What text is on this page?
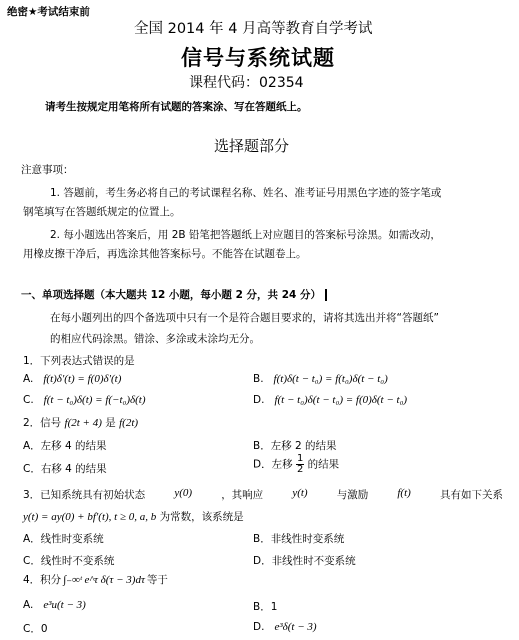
绝密★考试结束前
全国 2014 年 4 月高等教育自学考试
信号与系统试题
课程代码：02354
请考生按规定用笔将所有试题的答案涂、写在答题纸上。
选择题部分
注意事项：
1. 答题前，考生务必将自己的考试课程名称、姓名、准考证号用黑色字迹的签字笔或
钢笔填写在答题纸规定的位置上。
2. 每小题选出答案后，用 2B 铅笔把答题纸上对应题目的答案标号涂黑。如需改动，
用橡皮擦干净后，再选涂其他答案标号。不能答在试题卷上。
一、单项选择题（本大题共 12 小题，每小题 2 分，共 24 分）
在每小题列出的四个备选项中只有一个是符合题目要求的，请将其选出并将“答题纸”
的相应代码涂黑。错涂、多涂或未涂均无分。
1．下列表达式错误的是
A. f(t)δ′(t) = f(0)δ′(t)	B. f(t)δ(t − t₀) = f(t₀)δ(t − t₀)
C. f(t − t₀)δ(t) = f(−t₀)δ(t)	D. f(t − t₀)δ(t − t₀) = f(0)δ(t − t₀)
2．信号 f(2t + 4) 是 f(2t)
A．左移 4 的结果	B．左移 2 的结果
C．右移 4 的结果	D．左移 $\frac{1}{2}$ 的结果
3．已知系统具有初始状态	y(0)	，其响应	y(t)	与激励	f(t)	具有如下关系
y(t) = ay(0) + bf′(t), t ≥ 0, a, b 为常数，该系统是
A．线性时变系统	B．非线性时变系统
C．线性时不变系统	D．非线性时不变系统
4．积分 ∫₋∞ᵗ e^τ δ(τ − 3)dτ 等于
A. e³u(t − 3)	B．1
C．0	D. e³δ(t − 3)
